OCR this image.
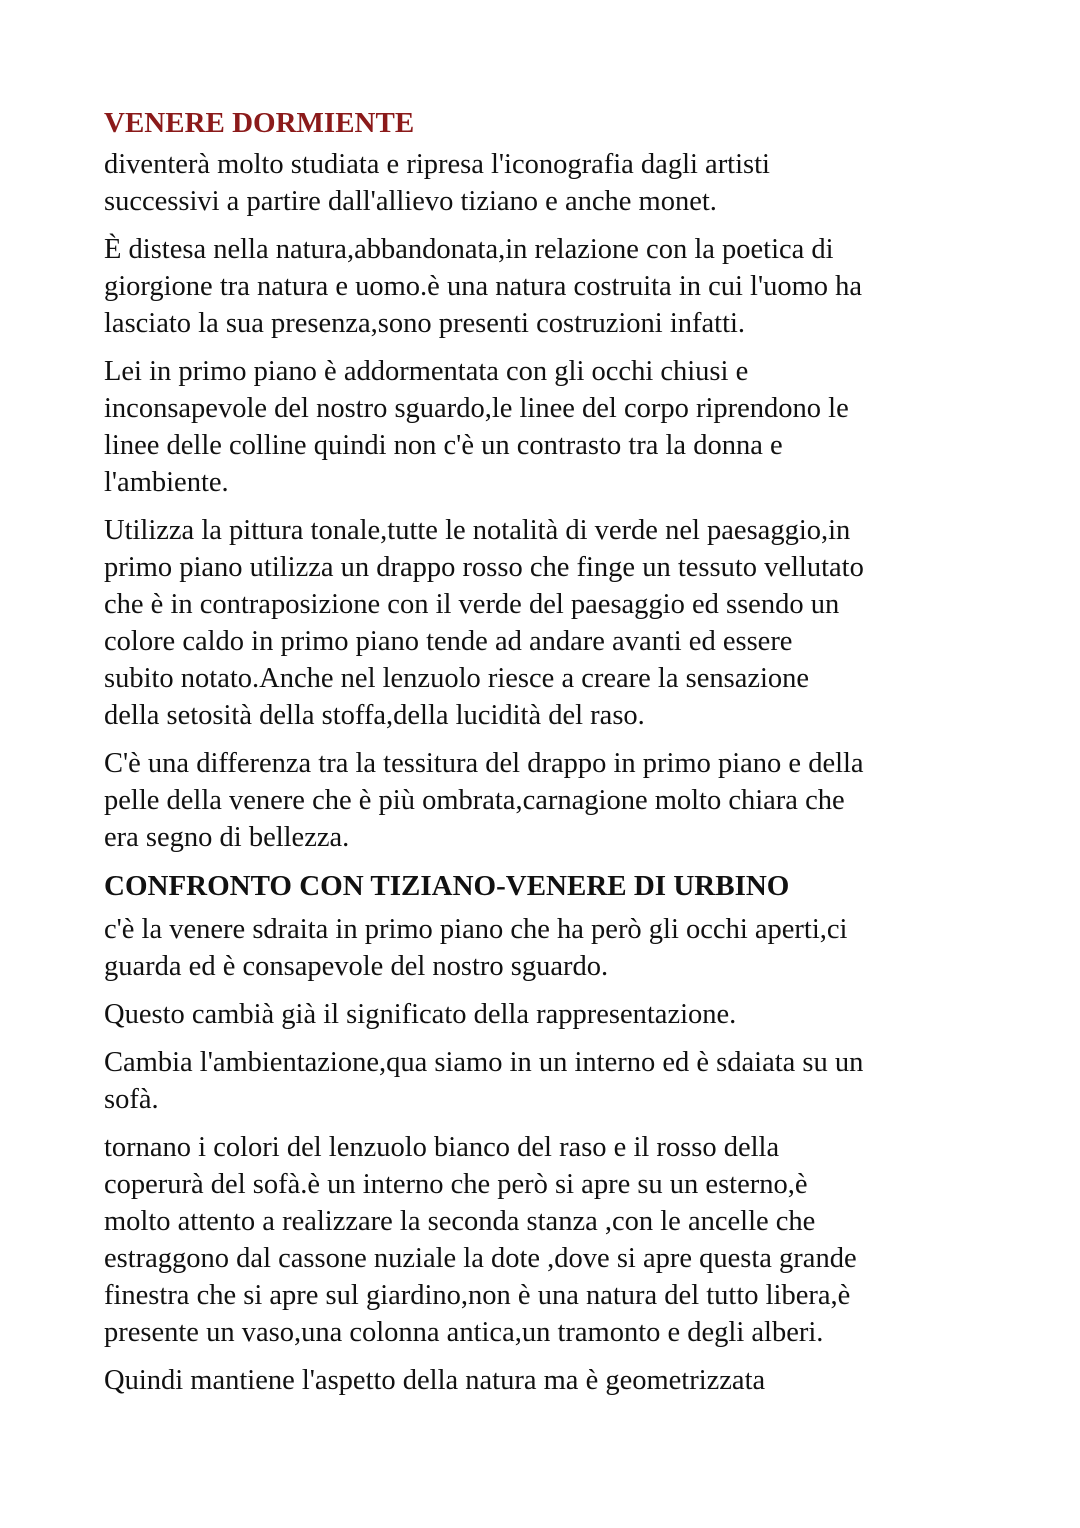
VENERE DORMIENTE
diventerà molto studiata e ripresa l'iconografia dagli artisti
successivi a partire dall'allievo tiziano e anche monet.
È distesa nella natura,abbandonata,in relazione con la poetica di
giorgione tra natura e uomo.è una natura costruita in cui l'uomo ha
lasciato la sua presenza,sono presenti costruzioni infatti.
Lei in primo piano è addormentata con gli occhi chiusi e
inconsapevole del nostro sguardo,le linee del corpo riprendono le
linee delle colline quindi non c'è un contrasto tra la donna e
l'ambiente.
Utilizza la pittura tonale,tutte le notalità di verde nel paesaggio,in
primo piano utilizza un drappo rosso che finge un tessuto vellutato
che è in contraposizione con il verde del paesaggio ed ssendo un
colore caldo in primo piano tende ad andare avanti ed essere
subito notato.Anche nel lenzuolo riesce a creare la sensazione
della setosità della stoffa,della lucidità del raso.
C'è una differenza tra la tessitura del drappo in primo piano e della
pelle della venere che è più ombrata,carnagione molto chiara che
era segno di bellezza.
CONFRONTO CON TIZIANO-VENERE DI URBINO
c'è la venere sdraita in primo piano che ha però gli occhi aperti,ci
guarda ed è consapevole del nostro sguardo.
Questo cambià già il significato della rappresentazione.
Cambia l'ambientazione,qua siamo in un interno ed è sdaiata su un
sofà.
tornano i colori del lenzuolo bianco del raso e il rosso della
coperurà del sofà.è un interno che però si apre su un esterno,è
molto attento a realizzare la seconda stanza ,con le ancelle che
estraggono dal cassone nuziale la dote ,dove si apre questa grande
finestra che si apre sul giardino,non è una natura del tutto libera,è
presente un vaso,una colonna antica,un tramonto e degli alberi.
Quindi mantiene l'aspetto della natura ma è geometrizzata
